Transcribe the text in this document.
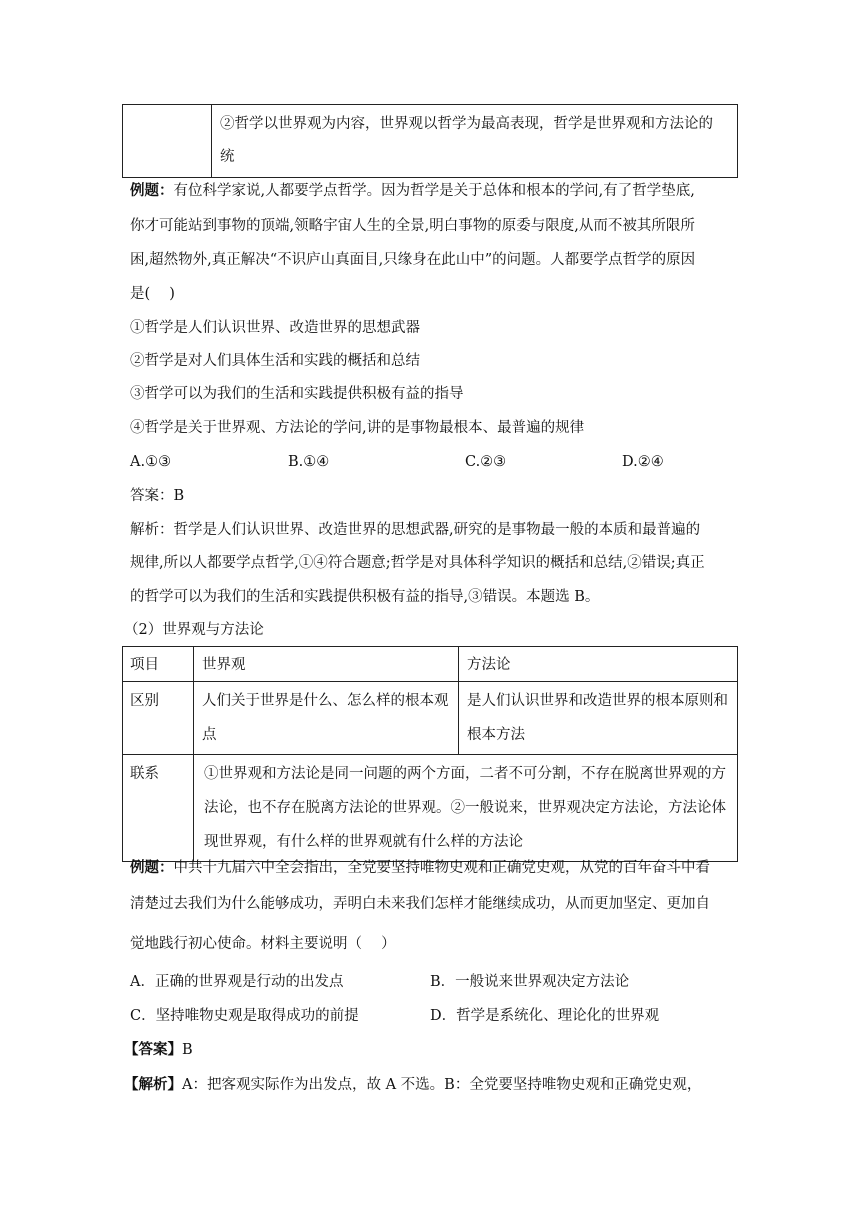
②哲学以世界观为内容，世界观以哲学为最高表现，哲学是世界观和方法论的
统
例题：有位科学家说,人都要学点哲学。因为哲学是关于总体和根本的学问,有了哲学垫底,
你才可能站到事物的顶端,领略宇宙人生的全景,明白事物的原委与限度,从而不被其所限所
困,超然物外,真正解决“不识庐山真面目,只缘身在此山中”的问题。人都要学点哲学的原因
是(　 )
①哲学是人们认识世界、改造世界的思想武器
②哲学是对人们具体生活和实践的概括和总结
③哲学可以为我们的生活和实践提供积极有益的指导
④哲学是关于世界观、方法论的学问,讲的是事物最根本、最普遍的规律
A.①③	B.①④	C.②③	D.②④
答案：B
解析：哲学是人们认识世界、改造世界的思想武器,研究的是事物最一般的本质和最普遍的
规律,所以人都要学点哲学,①④符合题意;哲学是对具体科学知识的概括和总结,②错误;真正
的哲学可以为我们的生活和实践提供积极有益的指导,③错误。本题选 B。
（2）世界观与方法论
项目	世界观	方法论
区别	人们关于世界是什么、怎么样的根本观点	是人们认识世界和改造世界的根本原则和根本方法
联系	①世界观和方法论是同一问题的两个方面，二者不可分割，不存在脱离世界观的方法论，也不存在脱离方法论的世界观。②一般说来，世界观决定方法论，方法论体现世界观，有什么样的世界观就有什么样的方法论	
例题：中共十九届六中全会指出，全党要坚持唯物史观和正确党史观，从党的百年奋斗中看
清楚过去我们为什么能够成功，弄明白未来我们怎样才能继续成功，从而更加坚定、更加自
觉地践行初心使命。材料主要说明（　 ）
A．正确的世界观是行动的出发点	B．一般说来世界观决定方法论
C．坚持唯物史观是取得成功的前提	D．哲学是系统化、理论化的世界观
【答案】B
【解析】A：把客观实际作为出发点，故 A 不选。B：全党要坚持唯物史观和正确党史观，
